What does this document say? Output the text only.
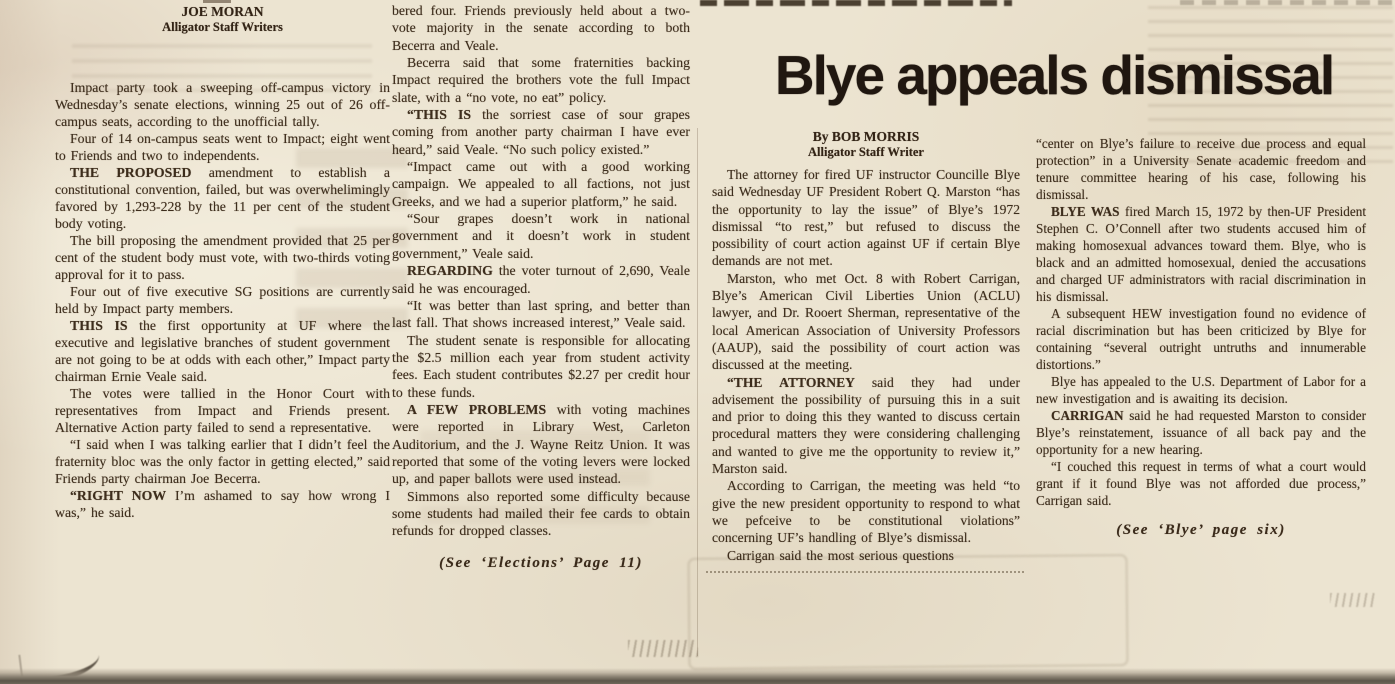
JOE MORAN
Alligator Staff Writers

Impact party took a sweeping off-campus victory in Wednesday’s senate elections, winning 25 out of 26 off-campus seats, according to the unofficial tally.

Four of 14 on-campus seats went to Impact; eight went to Friends and two to independents.

THE PROPOSED amendment to establish a constitutional convention, failed, but was overwhelimingly favored by 1,293-228 by the 11 per cent of the student body voting.

The bill proposing the amendment provided that 25 per cent of the student body must vote, with two-thirds voting approval for it to pass.

Four out of five executive SG positions are currently held by Impact party members.

THIS IS the first opportunity at UF where the executive and legislative branches of student government are not going to be at odds with each other,” Impact party chairman Ernie Veale said.

The votes were tallied in the Honor Court with representatives from Impact and Friends present. Alternative Action party failed to send a representative.

“I said when I was talking earlier that I didn’t feel the fraternity bloc was the only factor in getting elected,” said Friends party chairman Joe Becerra.

“RIGHT NOW I’m ashamed to say how wrong I was,” he said.

bered four. Friends previously held about a two-vote majority in the senate according to both Becerra and Veale.

Becerra said that some fraternities backing Impact required the brothers vote the full Impact slate, with a “no vote, no eat” policy.

“THIS IS the sorriest case of sour grapes coming from another party chairman I have ever heard,” said Veale. “No such policy existed.”

“Impact came out with a good working campaign. We appealed to all factions, not just Greeks, and we had a superior platform,” he said.

“Sour grapes doesn’t work in national government and it doesn’t work in student government,” Veale said.

REGARDING the voter turnout of 2,690, Veale said he was encouraged.

“It was better than last spring, and better than last fall. That shows increased interest,” Veale said.

The student senate is responsible for allocating the $2.5 million each year from student activity fees. Each student contributes $2.27 per credit hour to these funds.

A FEW PROBLEMS with voting machines were reported in Library West, Carleton Auditorium, and the J. Wayne Reitz Union. It was reported that some of the voting levers were locked up, and paper ballots were used instead.

Simmons also reported some difficulty because some students had mailed their fee cards to obtain refunds for dropped classes.

(See ‘Elections’ Page 11)
Blye appeals dismissal
By BOB MORRIS
Alligator Staff Writer

The attorney for fired UF instructor Councille Blye said Wednesday UF President Robert Q. Marston “has the opportunity to lay the issue” of Blye’s 1972 dismissal “to rest,” but refused to discuss the possibility of court action against UF if certain Blye demands are not met.

Marston, who met Oct. 8 with Robert Carrigan, Blye’s American Civil Liberties Union (ACLU) lawyer, and Dr. Rooert Sherman, representative of the local American Association of University Professors (AAUP), said the possibility of court action was discussed at the meeting.

“THE ATTORNEY said they had under advisement the possibility of pursuing this in a suit and prior to doing this they wanted to discuss certain procedural matters they were considering challenging and wanted to give me the opportunity to review it,” Marston said.

According to Carrigan, the meeting was held “to give the new president opportunity to respond to what we pefceive to be constitutional violations” concerning UF’s handling of Blye’s dismissal.

Carrigan said the most serious questions

“center on Blye’s failure to receive due process and equal protection” in a University Senate academic freedom and tenure committee hearing of his case, following his dismissal.

BLYE WAS fired March 15, 1972 by then-UF President Stephen C. O’Connell after two students accused him of making homosexual advances toward them. Blye, who is black and an admitted homosexual, denied the accusations and charged UF administrators with racial discrimination in his dismissal.

A subsequent HEW investigation found no evidence of racial discrimination but has been criticized by Blye for containing “several outright untruths and innumerable distortions.”

Blye has appealed to the U.S. Department of Labor for a new investigation and is awaiting its decision.

CARRIGAN said he had requested Marston to consider Blye’s reinstatement, issuance of all back pay and the opportunity for a new hearing.

“I couched this request in terms of what a court would grant if it found Blye was not afforded due process,” Carrigan said.

(See ‘Blye’ page six)
